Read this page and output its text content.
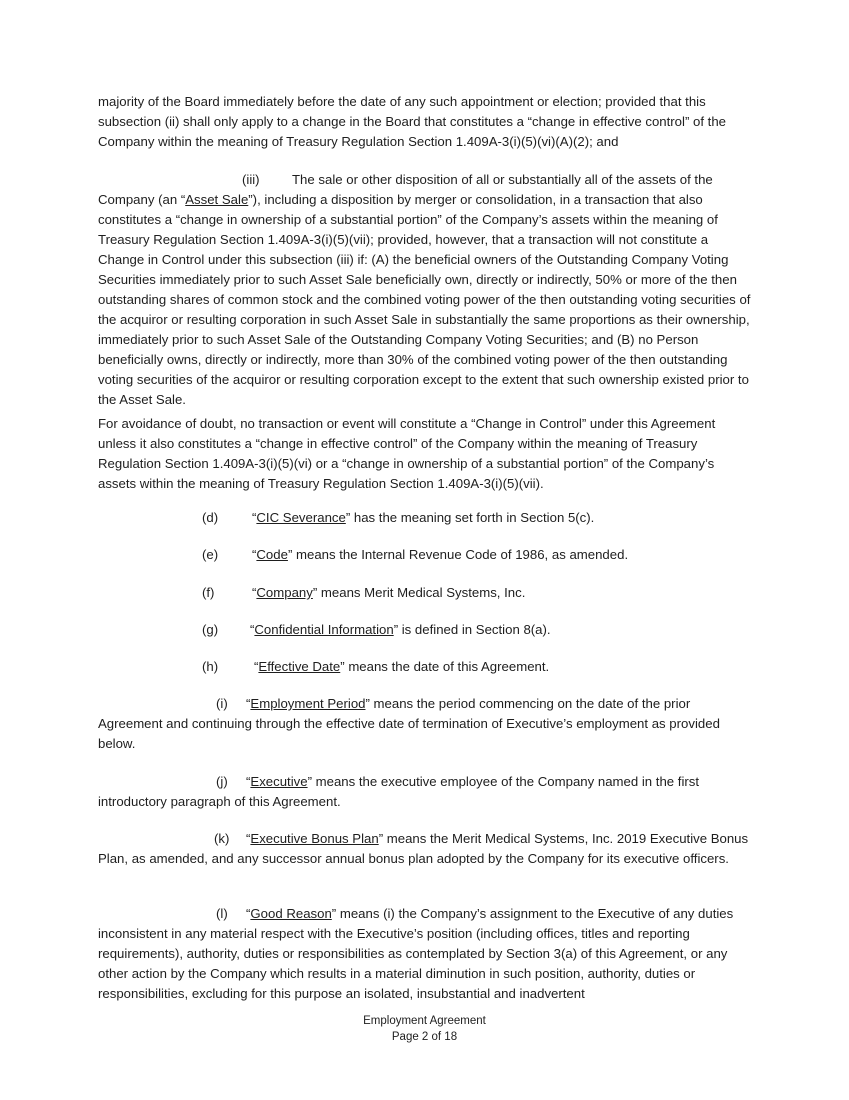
majority of the Board immediately before the date of any such appointment or election; provided that this subsection (ii) shall only apply to a change in the Board that constitutes a “change in effective control” of the Company within the meaning of Treasury Regulation Section 1.409A-3(i)(5)(vi)(A)(2); and

(iii) The sale or other disposition of all or substantially all of the assets of the Company (an “Asset Sale”), including a disposition by merger or consolidation, in a transaction that also constitutes a “change in ownership of a substantial portion” of the Company’s assets within the meaning of Treasury Regulation Section 1.409A-3(i)(5)(vii); provided, however, that a transaction will not constitute a Change in Control under this subsection (iii) if: (A) the beneficial owners of the Outstanding Company Voting Securities immediately prior to such Asset Sale beneficially own, directly or indirectly, 50% or more of the then outstanding shares of common stock and the combined voting power of the then outstanding voting securities of the acquiror or resulting corporation in such Asset Sale in substantially the same proportions as their ownership, immediately prior to such Asset Sale of the Outstanding Company Voting Securities; and (B) no Person beneficially owns, directly or indirectly, more than 30% of the combined voting power of the then outstanding voting securities of the acquiror or resulting corporation except to the extent that such ownership existed prior to the Asset Sale.

For avoidance of doubt, no transaction or event will constitute a “Change in Control” under this Agreement unless it also constitutes a “change in effective control” of the Company within the meaning of Treasury Regulation Section 1.409A-3(i)(5)(vi) or a “change in ownership of a substantial portion” of the Company’s assets within the meaning of Treasury Regulation Section 1.409A-3(i)(5)(vii).

(d)	“CIC Severance” has the meaning set forth in Section 5(c).

(e)	“Code” means the Internal Revenue Code of 1986, as amended.

(f)	“Company” means Merit Medical Systems, Inc.

(g) “Confidential Information” is defined in Section 8(a).

(h)	“Effective Date” means the date of this Agreement.

(i) “Employment Period” means the period commencing on the date of the prior Agreement and continuing through the effective date of termination of Executive’s employment as provided below.

(j) “Executive” means the executive employee of the Company named in the first introductory paragraph of this Agreement.

(k) “Executive Bonus Plan” means the Merit Medical Systems, Inc. 2019 Executive Bonus Plan, as amended, and any successor annual bonus plan adopted by the Company for its executive officers.

(l) “Good Reason” means (i) the Company’s assignment to the Executive of any duties inconsistent in any material respect with the Executive’s position (including offices, titles and reporting requirements), authority, duties or responsibilities as contemplated by Section 3(a) of this Agreement, or any other action by the Company which results in a material diminution in such position, authority, duties or responsibilities, excluding for this purpose an isolated, insubstantial and inadvertent

Employment Agreement
Page 2 of 18
